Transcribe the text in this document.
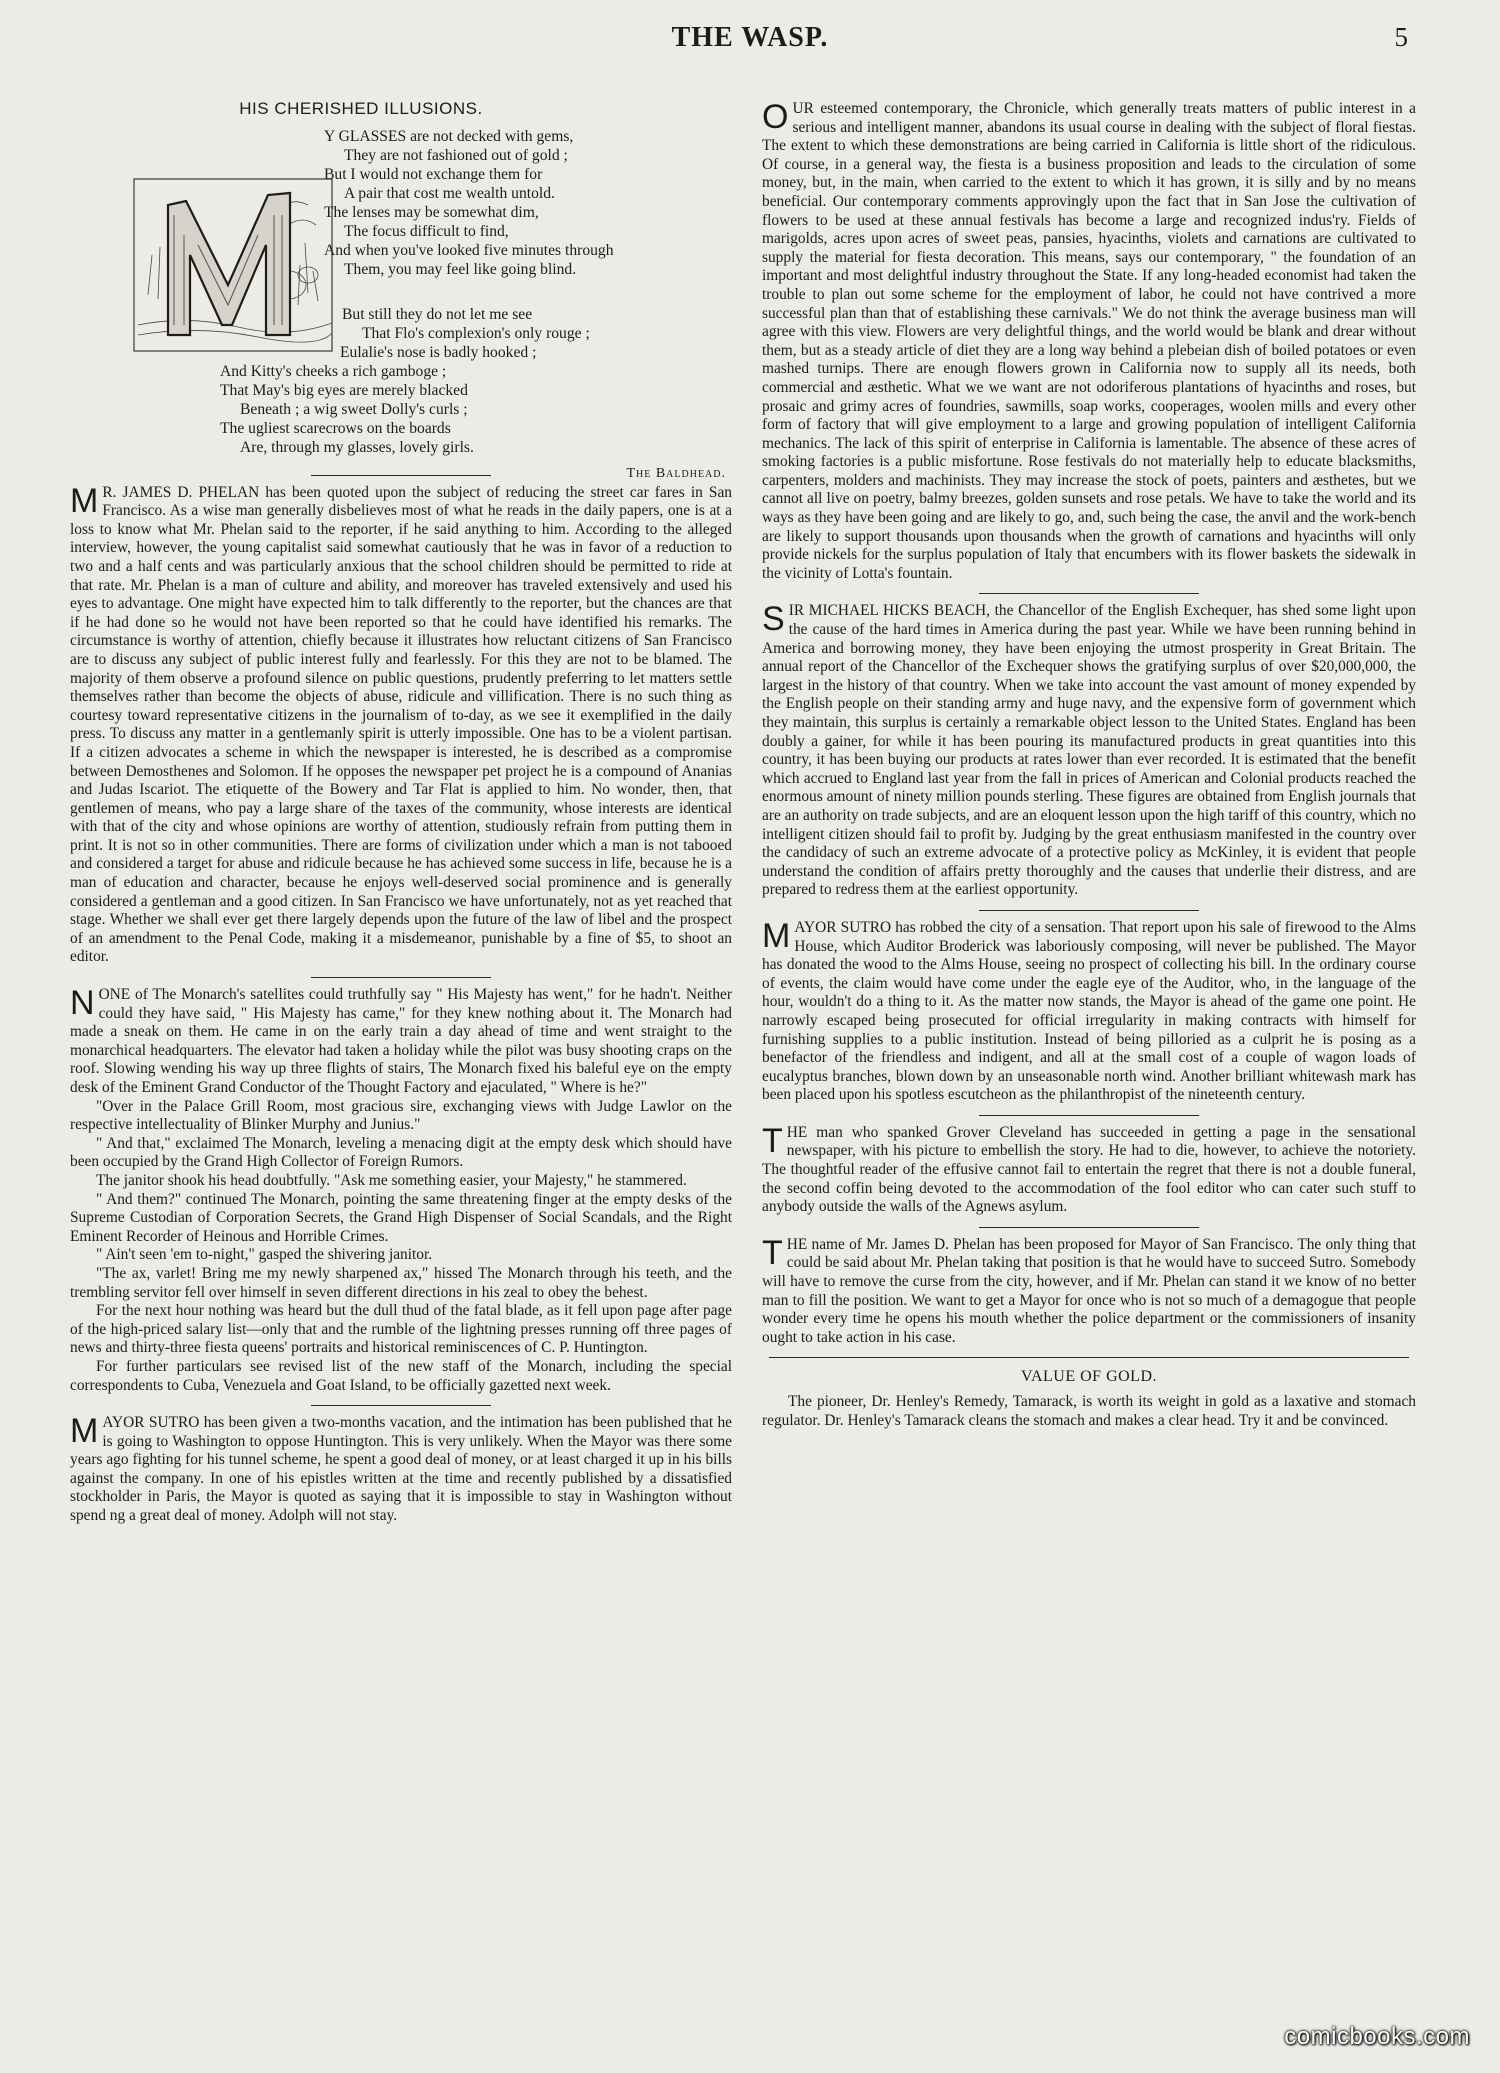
THE WASP.	5
HIS CHERISHED ILLUSIONS.
Y GLASSES are not decked with gems,
They are not fashioned out of gold ;
But I would not exchange them for
A pair that cost me wealth untold.
The lenses may be somewhat dim,
The focus difficult to find,
And when you've looked five minutes through
Them, you may feel like going blind.
But still they do not let me see
That Flo's complexion's only rouge ;
Eulalie's nose is badly hooked ;
And Kitty's cheeks a rich gamboge ;
That May's big eyes are merely blacked
Beneath ; a wig sweet Dolly's curls ;
The ugliest scarecrows on the boards
Are, through my glasses, lovely girls.
The Baldhead.
M R. JAMES D. PHELAN has been quoted upon the subject of reducing the street car fares in San Francisco. As a wise man generally disbelieves most of what he reads in the daily papers, one is at a loss to know what Mr. Phelan said to the reporter, if he said anything to him. According to the alleged interview, however, the young capitalist said somewhat cautiously that he was in favor of a reduction to two and a half cents and was particularly anxious that the school children should be permitted to ride at that rate. Mr. Phelan is a man of culture and ability, and moreover has traveled extensively and used his eyes to advantage. One might have expected him to talk differently to the reporter, but the chances are that if he had done so he would not have been reported so that he could have identified his remarks. The circumstance is worthy of attention, chiefly because it illustrates how reluctant citizens of San Francisco are to discuss any subject of public interest fully and fearlessly. For this they are not to be blamed. The majority of them observe a profound silence on public questions, prudently preferring to let matters settle themselves rather than become the objects of abuse, ridicule and villification. There is no such thing as courtesy toward representative citizens in the journalism of to-day, as we see it exemplified in the daily press. To discuss any matter in a gentlemanly spirit is utterly impossible. One has to be a violent partisan. If a citizen advocates a scheme in which the newspaper is interested, he is described as a compromise between Demosthenes and Solomon. If he opposes the newspaper pet project he is a compound of Ananias and Judas Iscariot. The etiquette of the Bowery and Tar Flat is applied to him. No wonder, then, that gentlemen of means, who pay a large share of the taxes of the community, whose interests are identical with that of the city and whose opinions are worthy of attention, studiously refrain from putting them in print. It is not so in other communities. There are forms of civilization under which a man is not tabooed and considered a target for abuse and ridicule because he has achieved some success in life, because he is a man of education and character, because he enjoys well-deserved social prominence and is generally considered a gentleman and a good citizen. In San Francisco we have unfortunately, not as yet reached that stage. Whether we shall ever get there largely depends upon the future of the law of libel and the prospect of an amendment to the Penal Code, making it a misdemeanor, punishable by a fine of $5, to shoot an editor.

N ONE of The Monarch's satellites could truthfully say " His Majesty has went," for he hadn't. Neither could they have said, " His Majesty has came," for they knew nothing about it. The Monarch had made a sneak on them. He came in on the early train a day ahead of time and went straight to the monarchical headquarters. The elevator had taken a holiday while the pilot was busy shooting craps on the roof. Slowing wending his way up three flights of stairs, The Monarch fixed his baleful eye on the empty desk of the Eminent Grand Conductor of the Thought Factory and ejaculated, " Where is he?"

"Over in the Palace Grill Room, most gracious sire, exchanging views with Judge Lawlor on the respective intellectuality of Blinker Murphy and Junius."

" And that," exclaimed The Monarch, leveling a menacing digit at the empty desk which should have been occupied by the Grand High Collector of Foreign Rumors.

The janitor shook his head doubtfully. "Ask me something easier, your Majesty," he stammered.

" And them?" continued The Monarch, pointing the same threatening finger at the empty desks of the Supreme Custodian of Corporation Secrets, the Grand High Dispenser of Social Scandals, and the Right Eminent Recorder of Heinous and Horrible Crimes.

" Ain't seen 'em to-night," gasped the shivering janitor.

"The ax, varlet! Bring me my newly sharpened ax," hissed The Monarch through his teeth, and the trembling servitor fell over himself in seven different directions in his zeal to obey the behest.

For the next hour nothing was heard but the dull thud of the fatal blade, as it fell upon page after page of the high-priced salary list—only that and the rumble of the lightning presses running off three pages of news and thirty-three fiesta queens' portraits and historical reminiscences of C. P. Huntington.

For further particulars see revised list of the new staff of the Monarch, including the special correspondents to Cuba, Venezuela and Goat Island, to be officially gazetted next week.

M AYOR SUTRO has been given a two-months vacation, and the intimation has been published that he is going to Washington to oppose Huntington. This is very unlikely. When the Mayor was there some years ago fighting for his tunnel scheme, he spent a good deal of money, or at least charged it up in his bills against the company. In one of his epistles written at the time and recently published by a dissatisfied stockholder in Paris, the Mayor is quoted as saying that it is impossible to stay in Washington without spend ng a great deal of money. Adolph will not stay.

O UR esteemed contemporary, the Chronicle, which generally treats matters of public interest in a serious and intelligent manner, abandons its usual course in dealing with the subject of floral fiestas. The extent to which these demonstrations are being carried in California is little short of the ridiculous. Of course, in a general way, the fiesta is a business proposition and leads to the circulation of some money, but, in the main, when carried to the extent to which it has grown, it is silly and by no means beneficial. Our contemporary comments approvingly upon the fact that in San Jose the cultivation of flowers to be used at these annual festivals has become a large and recognized indus'ry. Fields of marigolds, acres upon acres of sweet peas, pansies, hyacinths, violets and carnations are cultivated to supply the material for fiesta decoration. This means, says our contemporary, " the foundation of an important and most delightful industry throughout the State. If any long-headed economist had taken the trouble to plan out some scheme for the employment of labor, he could not have contrived a more successful plan than that of establishing these carnivals." We do not think the average business man will agree with this view. Flowers are very delightful things, and the world would be blank and drear without them, but as a steady article of diet they are a long way behind a plebeian dish of boiled potatoes or even mashed turnips. There are enough flowers grown in California now to supply all its needs, both commercial and æsthetic. What we we want are not odoriferous plantations of hyacinths and roses, but prosaic and grimy acres of foundries, sawmills, soap works, cooperages, woolen mills and every other form of factory that will give employment to a large and growing population of intelligent California mechanics. The lack of this spirit of enterprise in California is lamentable. The absence of these acres of smoking factories is a public misfortune. Rose festivals do not materially help to educate blacksmiths, carpenters, molders and machinists. They may increase the stock of poets, painters and æsthetes, but we cannot all live on poetry, balmy breezes, golden sunsets and rose petals. We have to take the world and its ways as they have been going and are likely to go, and, such being the case, the anvil and the work-bench are likely to support thousands upon thousands when the growth of carnations and hyacinths will only provide nickels for the surplus population of Italy that encumbers with its flower baskets the sidewalk in the vicinity of Lotta's fountain.

S IR MICHAEL HICKS BEACH, the Chancellor of the English Exchequer, has shed some light upon the cause of the hard times in America during the past year. While we have been running behind in America and borrowing money, they have been enjoying the utmost prosperity in Great Britain. The annual report of the Chancellor of the Exchequer shows the gratifying surplus of over $20,000,000, the largest in the history of that country. When we take into account the vast amount of money expended by the English people on their standing army and huge navy, and the expensive form of government which they maintain, this surplus is certainly a remarkable object lesson to the United States. England has been doubly a gainer, for while it has been pouring its manufactured products in great quantities into this country, it has been buying our products at rates lower than ever recorded. It is estimated that the benefit which accrued to England last year from the fall in prices of American and Colonial products reached the enormous amount of ninety million pounds sterling. These figures are obtained from English journals that are an authority on trade subjects, and are an eloquent lesson upon the high tariff of this country, which no intelligent citizen should fail to profit by. Judging by the great enthusiasm manifested in the country over the candidacy of such an extreme advocate of a protective policy as McKinley, it is evident that people understand the condition of affairs pretty thoroughly and the causes that underlie their distress, and are prepared to redress them at the earliest opportunity.

M AYOR SUTRO has robbed the city of a sensation. That report upon his sale of firewood to the Alms House, which Auditor Broderick was laboriously composing, will never be published. The Mayor has donated the wood to the Alms House, seeing no prospect of collecting his bill. In the ordinary course of events, the claim would have come under the eagle eye of the Auditor, who, in the language of the hour, wouldn't do a thing to it. As the matter now stands, the Mayor is ahead of the game one point. He narrowly escaped being prosecuted for official irregularity in making contracts with himself for furnishing supplies to a public institution. Instead of being pilloried as a culprit he is posing as a benefactor of the friendless and indigent, and all at the small cost of a couple of wagon loads of eucalyptus branches, blown down by an unseasonable north wind. Another brilliant whitewash mark has been placed upon his spotless escutcheon as the philanthropist of the nineteenth century.

T HE man who spanked Grover Cleveland has succeeded in getting a page in the sensational newspaper, with his picture to embellish the story. He had to die, however, to achieve the notoriety. The thoughtful reader of the effusive cannot fail to entertain the regret that there is not a double funeral, the second coffin being devoted to the accommodation of the fool editor who can cater such stuff to anybody outside the walls of the Agnews asylum.

T HE name of Mr. James D. Phelan has been proposed for Mayor of San Francisco. The only thing that could be said about Mr. Phelan taking that position is that he would have to succeed Sutro. Somebody will have to remove the curse from the city, however, and if Mr. Phelan can stand it we know of no better man to fill the position. We want to get a Mayor for once who is not so much of a demagogue that people wonder every time he opens his mouth whether the police department or the commissioners of insanity ought to take action in his case.

VALUE OF GOLD.

The pioneer, Dr. Henley's Remedy, Tamarack, is worth its weight in gold as a laxative and stomach regulator. Dr. Henley's Tamarack cleans the stomach and makes a clear head. Try it and be convinced.

comicbooks.com
